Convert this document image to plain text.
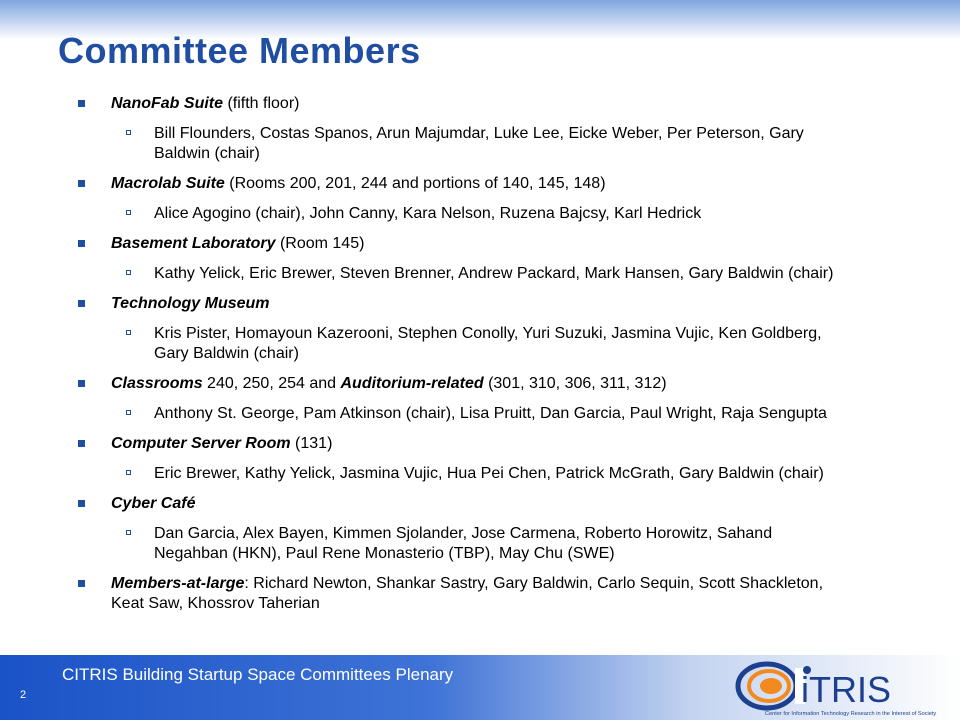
Committee Members
NanoFab Suite (fifth floor)
Bill Flounders, Costas Spanos, Arun Majumdar, Luke Lee, Eicke Weber, Per Peterson, Gary Baldwin (chair)
Macrolab Suite (Rooms 200, 201, 244 and portions of 140, 145, 148)
Alice Agogino (chair), John Canny, Kara Nelson, Ruzena Bajcsy, Karl Hedrick
Basement Laboratory (Room 145)
Kathy Yelick, Eric Brewer, Steven Brenner, Andrew Packard, Mark Hansen, Gary Baldwin (chair)
Technology Museum
Kris Pister, Homayoun Kazerooni, Stephen Conolly, Yuri Suzuki, Jasmina Vujic, Ken Goldberg, Gary Baldwin (chair)
Classrooms 240, 250, 254 and Auditorium-related (301, 310, 306, 311, 312)
Anthony St. George, Pam Atkinson (chair), Lisa Pruitt, Dan Garcia, Paul Wright, Raja Sengupta
Computer Server Room (131)
Eric Brewer, Kathy Yelick, Jasmina Vujic, Hua Pei Chen, Patrick McGrath, Gary Baldwin (chair)
Cyber Café
Dan Garcia, Alex Bayen, Kimmen Sjolander, Jose Carmena, Roberto Horowitz, Sahand Negahban (HKN), Paul Rene Monasterio (TBP), May Chu (SWE)
Members-at-large: Richard Newton, Shankar Sastry, Gary Baldwin, Carlo Sequin, Scott Shackleton, Keat Saw, Khossrov Taherian
CITRIS Building Startup Space Committees Plenary
2	iTRIS
Center for Information Technology Research in the Interest of Society
